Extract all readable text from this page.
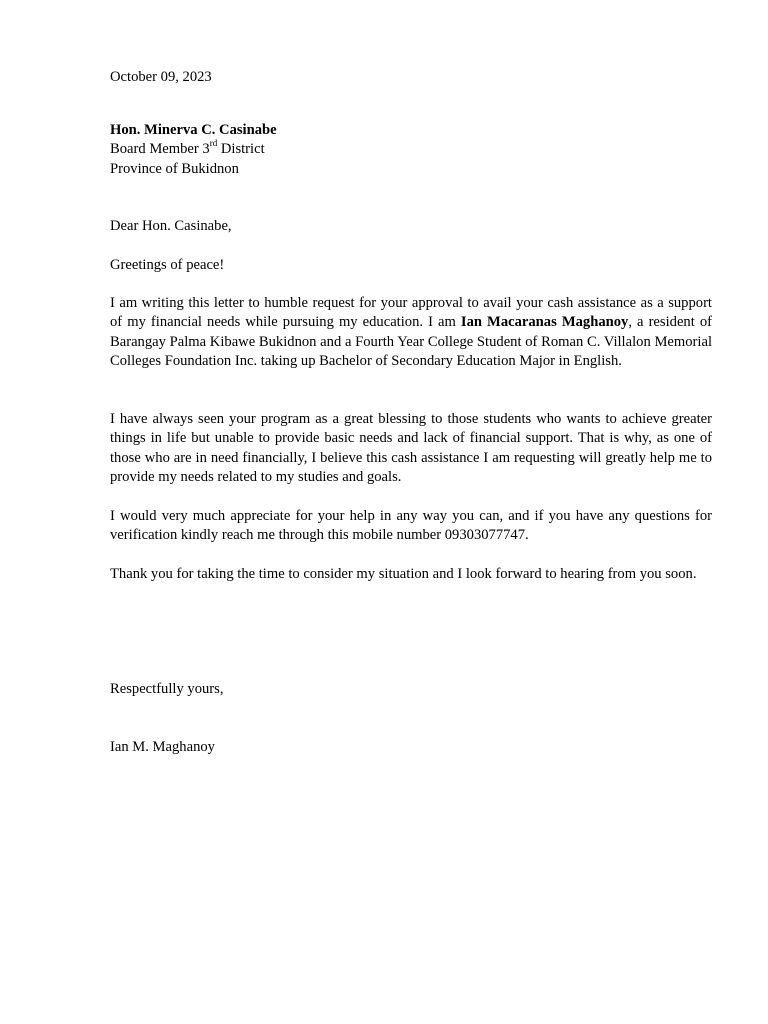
October 09, 2023
Hon. Minerva C. Casinabe
Board Member 3rd District
Province of Bukidnon
Dear Hon. Casinabe,
Greetings of peace!
I am writing this letter to humble request for your approval to avail your cash assistance as a support of my financial needs while pursuing my education. I am Ian Macaranas Maghanoy, a resident of Barangay Palma Kibawe Bukidnon and a Fourth Year College Student of Roman C. Villalon Memorial Colleges Foundation Inc. taking up Bachelor of Secondary Education Major in English.
I have always seen your program as a great blessing to those students who wants to achieve greater things in life but unable to provide basic needs and lack of financial support. That is why, as one of those who are in need financially, I believe this cash assistance I am requesting will greatly help me to provide my needs related to my studies and goals.
I would very much appreciate for your help in any way you can, and if you have any questions for verification kindly reach me through this mobile number 09303077747.
Thank you for taking the time to consider my situation and I look forward to hearing from you soon.
Respectfully yours,
Ian M. Maghanoy
